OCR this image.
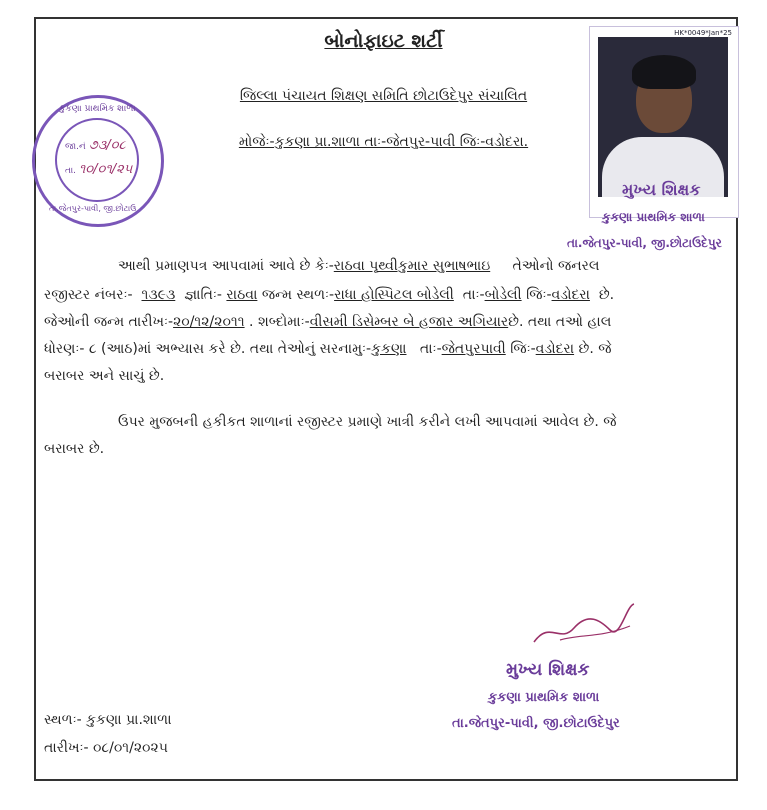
બોનોફાઇટ શર્ટી
જિલ્લા પંચાયત શિક્ષણ સમિતિ છોટાઉદેપુર સંચાલિત
મોજેઃ-કુકણા પ્રા.શાળા તાઃ-જેતપુર-પાવી જિઃ-વડોદરા.
HK*0049*Jan*25
મુખ્ય શિક્ષક
કુકણા પ્રાથમિક શાળા
તા.જેતપુર-પાવી, જી.છોટાઉદેપુર
કુકણા પ્રાથમિક શાળા
તા.જેતપુર-પાવી, જી.છોટાઉ
જા.નં ૭૩/૦૮
તા. ૧૦/૦૧/૨૫
આથી પ્રમાણપત્ર આપવામાં આવે છે કેઃ-રાઠવા પૃથ્વીકુમાર સુભાષભાઇ તેઓનો જનરલ
રજીસ્ટર નંબરઃ- ૧૩૯૩ જ્ઞાતિઃ- રાઠવા જન્મ સ્થળઃ-રાધા હોસ્પિટલ બોડેલી તાઃ-બોડેલી જિઃ-વડોદરા છે.
જેઓની જન્મ તારીખઃ-૨૦/૧૨/૨૦૧૧ . શબ્દોમાઃ-વીસમી ડિસેમ્બર બે હજાર અગિયારછે. તથા તઓ હાલ
ધોરણઃ- ૮ (આઠ)માં અભ્યાસ કરે છે. તથા તેઓનું સરનામુઃ-કુકણા તાઃ-જેતપુરપાવી જિઃ-વડોદરા છે. જે
બરાબર અને સાચું છે.
ઉપર મુજબની હકીકત શાળાનાં રજીસ્ટર પ્રમાણે ખાત્રી કરીને લખી આપવામાં આવેલ છે. જે
બરાબર છે.
મુખ્ય શિક્ષક
કુકણા પ્રાથમિક શાળા
તા.જેતપુર-પાવી, જી.છોટાઉદેપુર
સ્થળઃ- કુકણા પ્રા.શાળા
તારીખઃ- ૦૮/૦૧/૨૦૨૫
